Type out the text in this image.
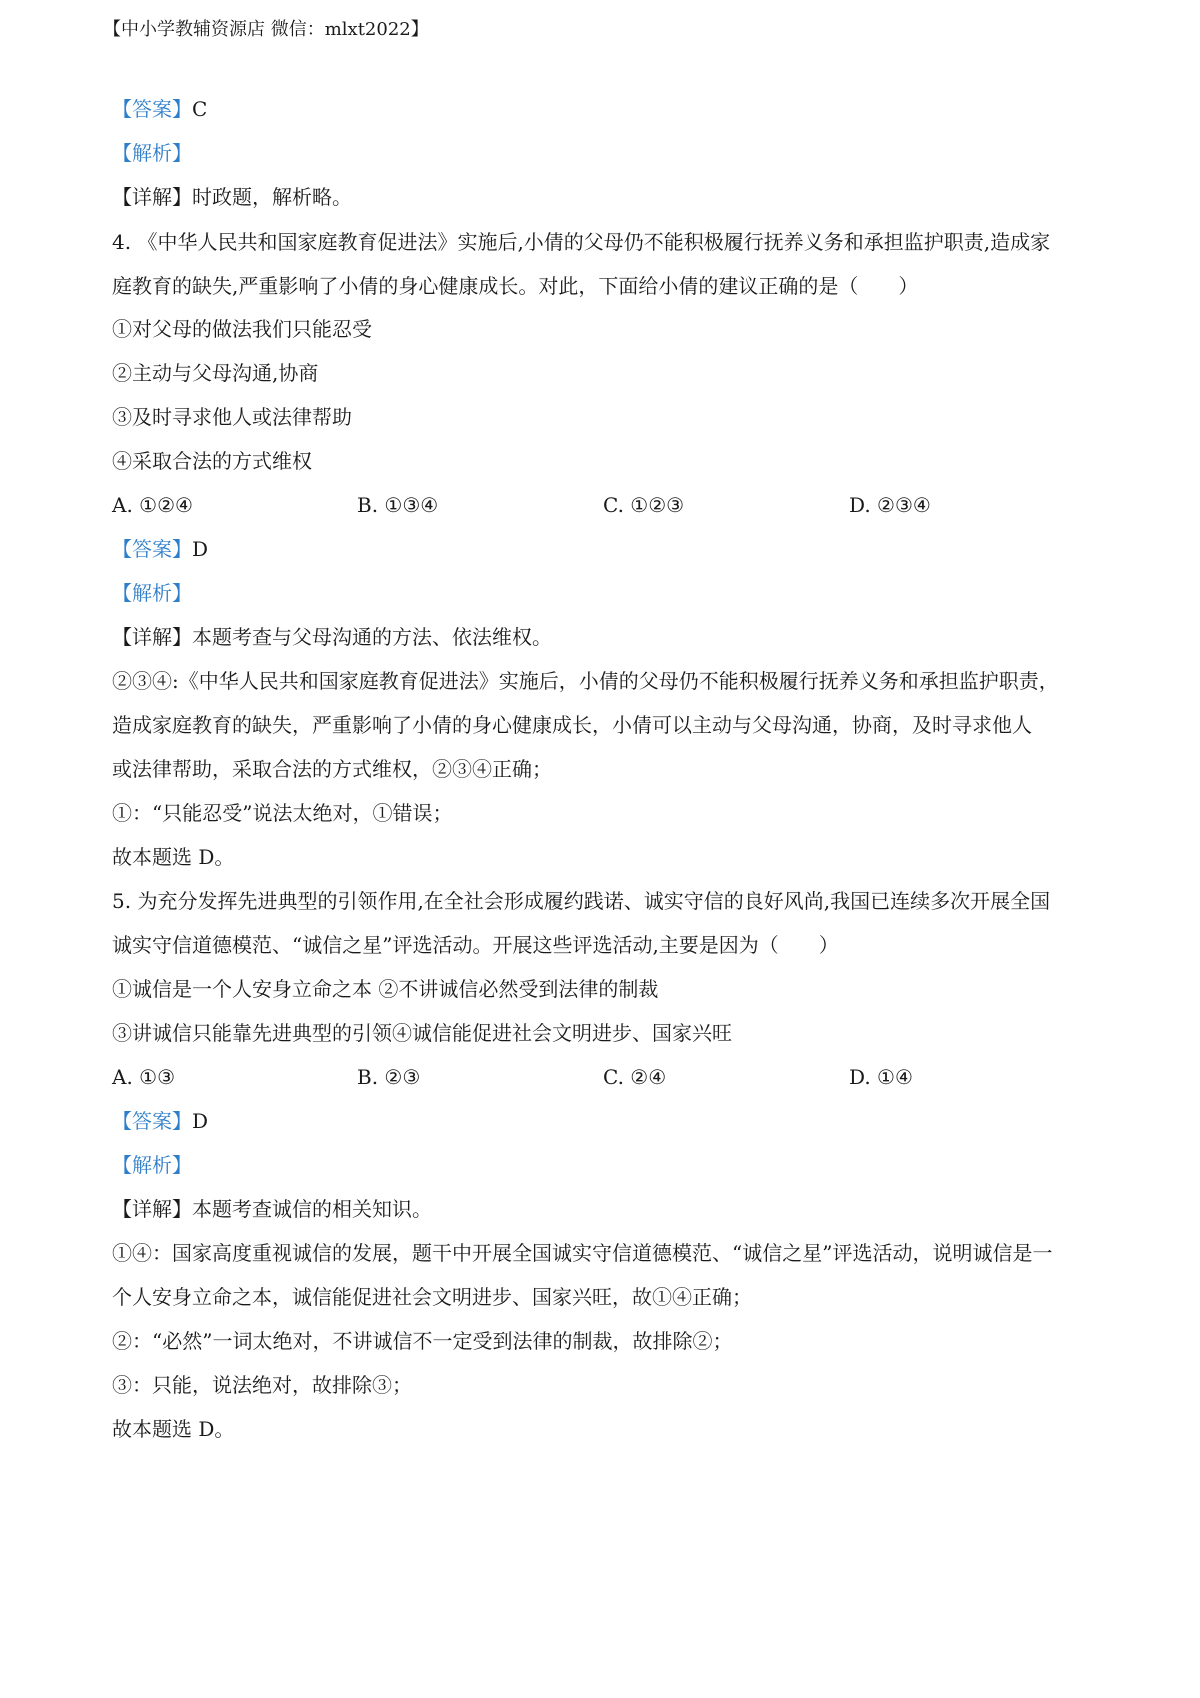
【中小学教辅资源店 微信：mlxt2022】
【答案】C
【解析】
【详解】时政题，解析略。
4. 《中华人民共和国家庭教育促进法》实施后,小倩的父母仍不能积极履行抚养义务和承担监护职责,造成家
庭教育的缺失,严重影响了小倩的身心健康成长。对此，下面给小倩的建议正确的是（　　）
①对父母的做法我们只能忍受
②主动与父母沟通,协商
③及时寻求他人或法律帮助
④采取合法的方式维权
A. ①②④	B. ①③④	C. ①②③	D. ②③④
【答案】D
【解析】
【详解】本题考查与父母沟通的方法、依法维权。
②③④:《中华人民共和国家庭教育促进法》实施后，小倩的父母仍不能积极履行抚养义务和承担监护职责，
造成家庭教育的缺失，严重影响了小倩的身心健康成长，小倩可以主动与父母沟通，协商，及时寻求他人
或法律帮助，采取合法的方式维权，②③④正确；
①：“只能忍受”说法太绝对，①错误；
故本题选 D。
5. 为充分发挥先进典型的引领作用,在全社会形成履约践诺、诚实守信的良好风尚,我国已连续多次开展全国
诚实守信道德模范、“诚信之星”评选活动。开展这些评选活动,主要是因为（　　）
①诚信是一个人安身立命之本 ②不讲诚信必然受到法律的制裁
③讲诚信只能靠先进典型的引领④诚信能促进社会文明进步、国家兴旺
A. ①③	B. ②③	C. ②④	D. ①④
【答案】D
【解析】
【详解】本题考查诚信的相关知识。
①④：国家高度重视诚信的发展，题干中开展全国诚实守信道德模范、“诚信之星”评选活动，说明诚信是一
个人安身立命之本，诚信能促进社会文明进步、国家兴旺，故①④正确；
②：“必然”一词太绝对，不讲诚信不一定受到法律的制裁，故排除②；
③：只能，说法绝对，故排除③；
故本题选 D。
